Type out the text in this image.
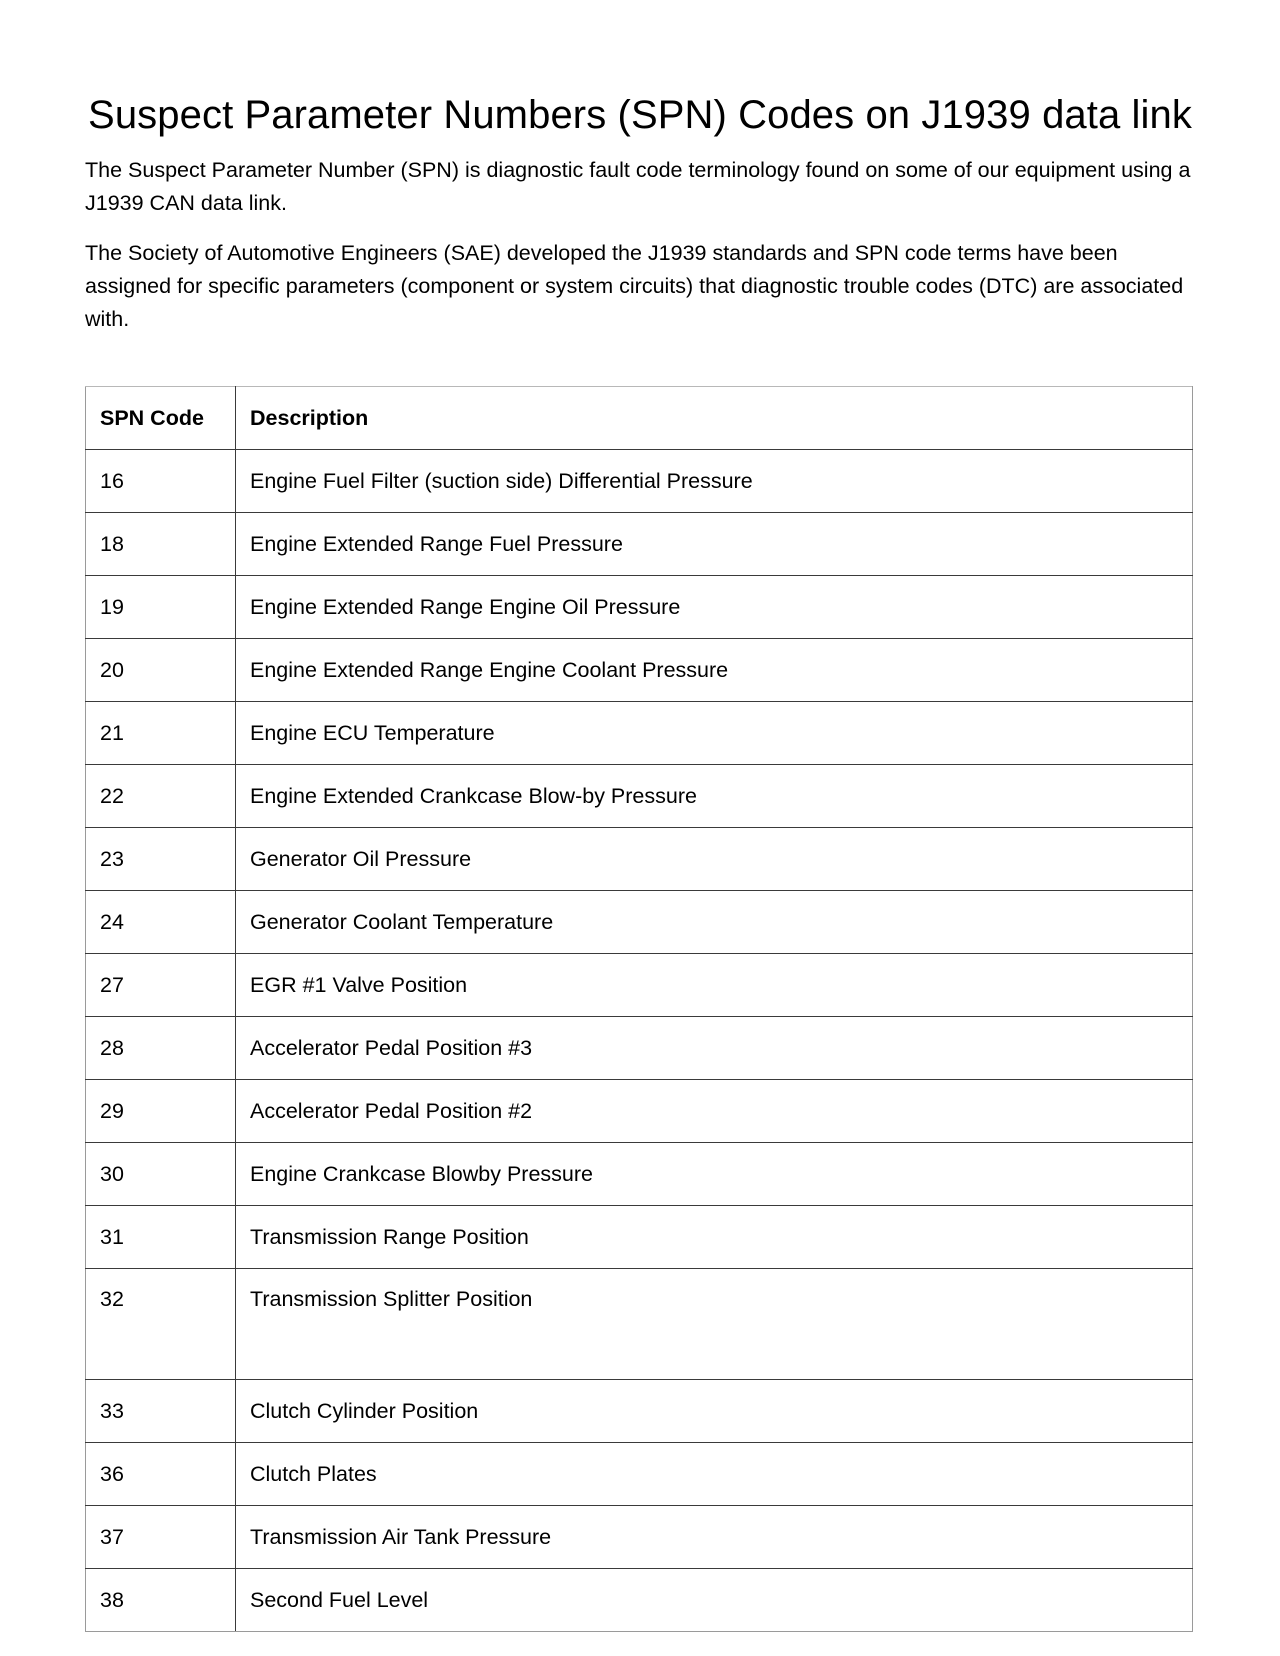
Suspect Parameter Numbers (SPN) Codes on J1939 data link

The Suspect Parameter Number (SPN) is diagnostic fault code terminology found on some of our equipment using a J1939 CAN data link.

The Society of Automotive Engineers (SAE) developed the J1939 standards and SPN code terms have been assigned for specific parameters (component or system circuits) that diagnostic trouble codes (DTC) are associated with.

SPN Code	Description
16	Engine Fuel Filter (suction side) Differential Pressure
18	Engine Extended Range Fuel Pressure
19	Engine Extended Range Engine Oil Pressure
20	Engine Extended Range Engine Coolant Pressure
21	Engine ECU Temperature
22	Engine Extended Crankcase Blow-by Pressure
23	Generator Oil Pressure
24	Generator Coolant Temperature
27	EGR #1 Valve Position
28	Accelerator Pedal Position #3
29	Accelerator Pedal Position #2
30	Engine Crankcase Blowby Pressure
31	Transmission Range Position
32	Transmission Splitter Position
33	Clutch Cylinder Position
36	Clutch Plates
37	Transmission Air Tank Pressure
38	Second Fuel Level
